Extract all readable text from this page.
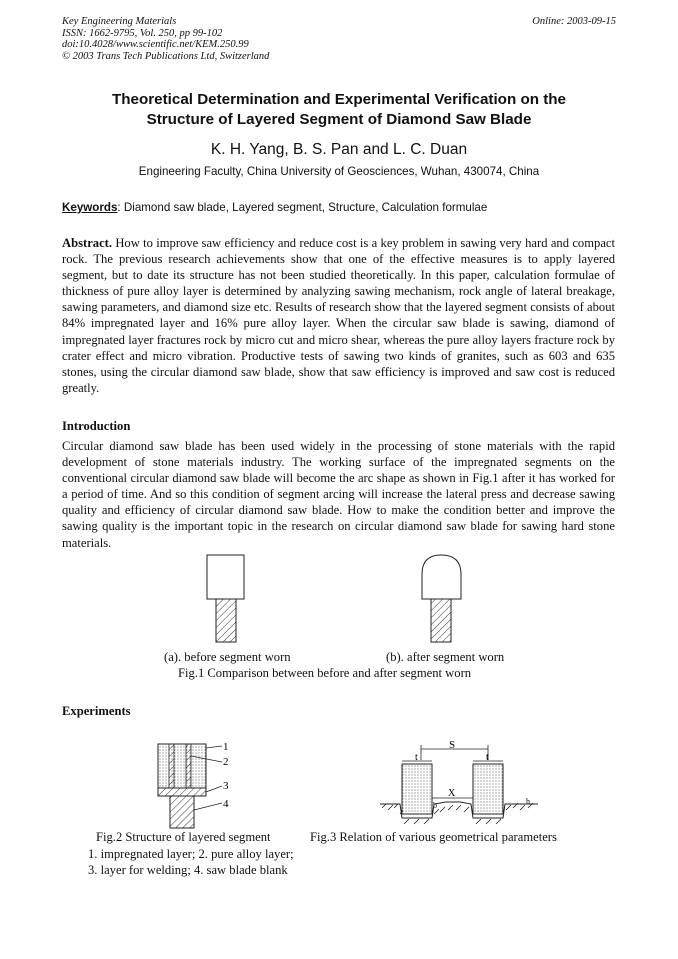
Key Engineering Materials
ISSN: 1662-9795, Vol. 250, pp 99-102
doi:10.4028/www.scientific.net/KEM.250.99
© 2003 Trans Tech Publications Ltd, Switzerland
Online: 2003-09-15
Theoretical Determination and Experimental Verification on the
Structure of Layered Segment of Diamond Saw Blade
K. H. Yang, B. S. Pan and L. C. Duan
Engineering Faculty, China University of Geosciences, Wuhan, 430074, China
Keywords: Diamond saw blade, Layered segment, Structure, Calculation formulae
Abstract. How to improve saw efficiency and reduce cost is a key problem in sawing very hard and compact rock. The previous research achievements show that one of the effective measures is to apply layered segment, but to date its structure has not been studied theoretically. In this paper, calculation formulae of thickness of pure alloy layer is determined by analyzing sawing mechanism, rock angle of lateral breakage, sawing parameters, and diamond size etc. Results of research show that the layered segment consists of about 84% impregnated layer and 16% pure alloy layer. When the circular saw blade is sawing, diamond of impregnated layer fractures rock by micro cut and micro shear, whereas the pure alloy layers fracture rock by crater effect and micro vibration. Productive tests of sawing two kinds of granites, such as 603 and 635 stones, using the circular diamond saw blade, show that saw efficiency is improved and saw cost is reduced greatly.
Introduction
Circular diamond saw blade has been used widely in the processing of stone materials with the rapid development of stone materials industry. The working surface of the impregnated segments on the conventional circular diamond saw blade will become the arc shape as shown in Fig.1 after it has worked for a period of time. And so this condition of segment arcing will increase the lateral press and decrease sawing quality and efficiency of circular diamond saw blade. How to make the condition better and improve the sawing quality is the important topic in the research on circular diamond saw blade for sawing hard stone materials.
(a). before segment worn	(b). after segment worn
Fig.1 Comparison between before and after segment worn
Experiments
1
2
3
4
S
t	t
X
b	h
Fig.2 Structure of layered segment	Fig.3 Relation of various geometrical parameters
1. impregnated layer; 2. pure alloy layer;
3. layer for welding; 4. saw blade blank
